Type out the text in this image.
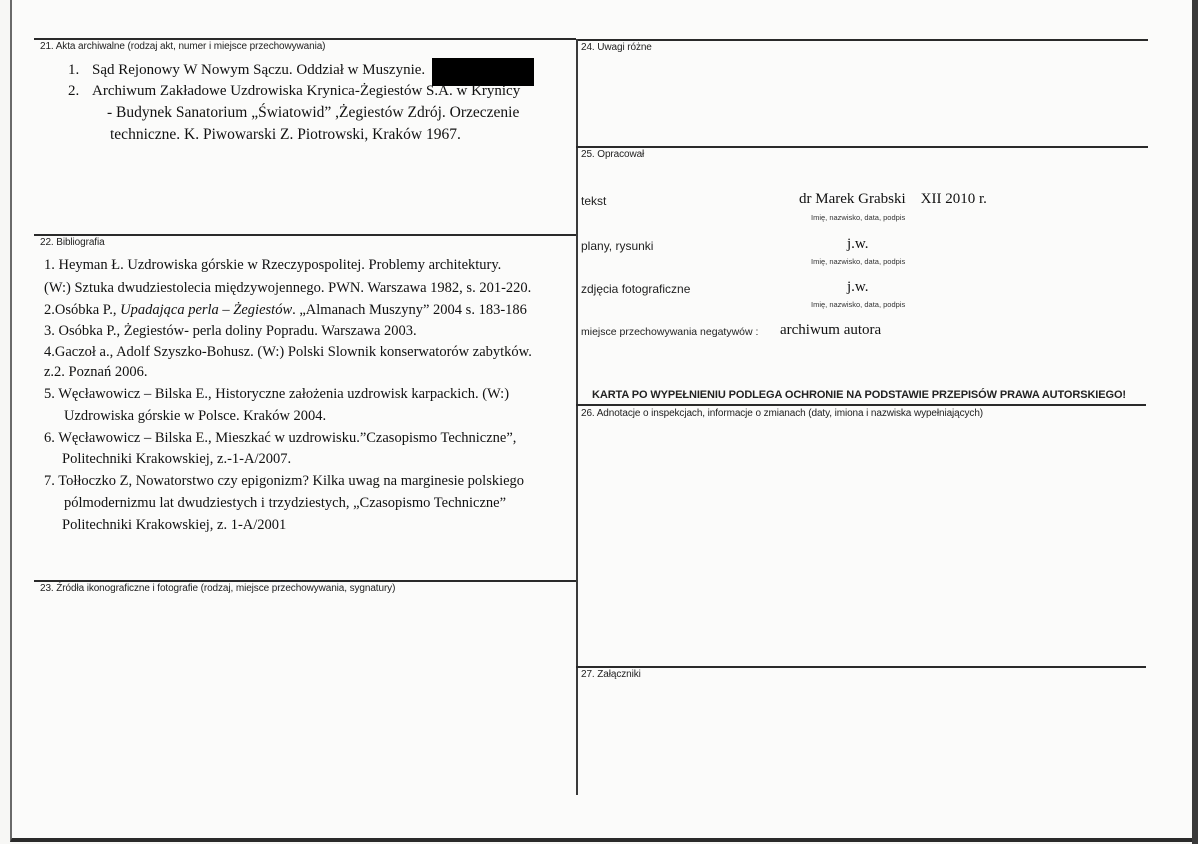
21. Akta archiwalne (rodzaj akt, numer i miejsce przechowywania)
1. Sąd Rejonowy W Nowym Sączu. Oddział w Muszynie.
2. Archiwum Zakładowe Uzdrowiska Krynica-Żegiestów S.A. w Krynicy
- Budynek Sanatorium „Światowid” ,Żegiestów Zdrój. Orzeczenie
techniczne. K. Piwowarski Z. Piotrowski, Kraków 1967.
22. Bibliografia
1. Heyman Ł. Uzdrowiska górskie w Rzeczypospolitej. Problemy architektury.
(W:) Sztuka dwudziestolecia międzywojennego. PWN. Warszawa 1982, s. 201-220.
2.Osóbka P., Upadająca perla – Żegiestów. „Almanach Muszyny” 2004 s. 183-186
3. Osóbka P., Żegiestów- perla doliny Popradu. Warszawa 2003.
4.Gaczoł a., Adolf Szyszko-Bohusz. (W:) Polski Slownik konserwatorów zabytków.
z.2. Poznań 2006.
5. Węcławowicz – Bilska E., Historyczne założenia uzdrowisk karpackich. (W:)
Uzdrowiska górskie w Polsce. Kraków 2004.
6. Węcławowicz – Bilska E., Mieszkać w uzdrowisku.”Czasopismo Techniczne”,
Politechniki Krakowskiej, z.-1-A/2007.
7. Tołłoczko Z, Nowatorstwo czy epigonizm? Kilka uwag na marginesie polskiego
pólmodernizmu lat dwudziestych i trzydziestych, „Czasopismo Techniczne”
Politechniki Krakowskiej, z. 1-A/2001
23. Źródła ikonograficzne i fotografie (rodzaj, miejsce przechowywania, sygnatury)
24. Uwagi różne
25. Opracował
tekst	dr Marek Grabski    XII 2010 r.
Imię, nazwisko, data, podpis
plany, rysunki	j.w.
Imię, nazwisko, data, podpis
zdjęcia fotograficzne	j.w.
Imię, nazwisko, data, podpis
miejsce przechowywania negatywów : archiwum autora
KARTA PO WYPEŁNIENIU PODLEGA OCHRONIE NA PODSTAWIE PRZEPISÓW PRAWA AUTORSKIEGO!
26. Adnotacje o inspekcjach, informacje o zmianach (daty, imiona i nazwiska wypełniających)
27. Załączniki
